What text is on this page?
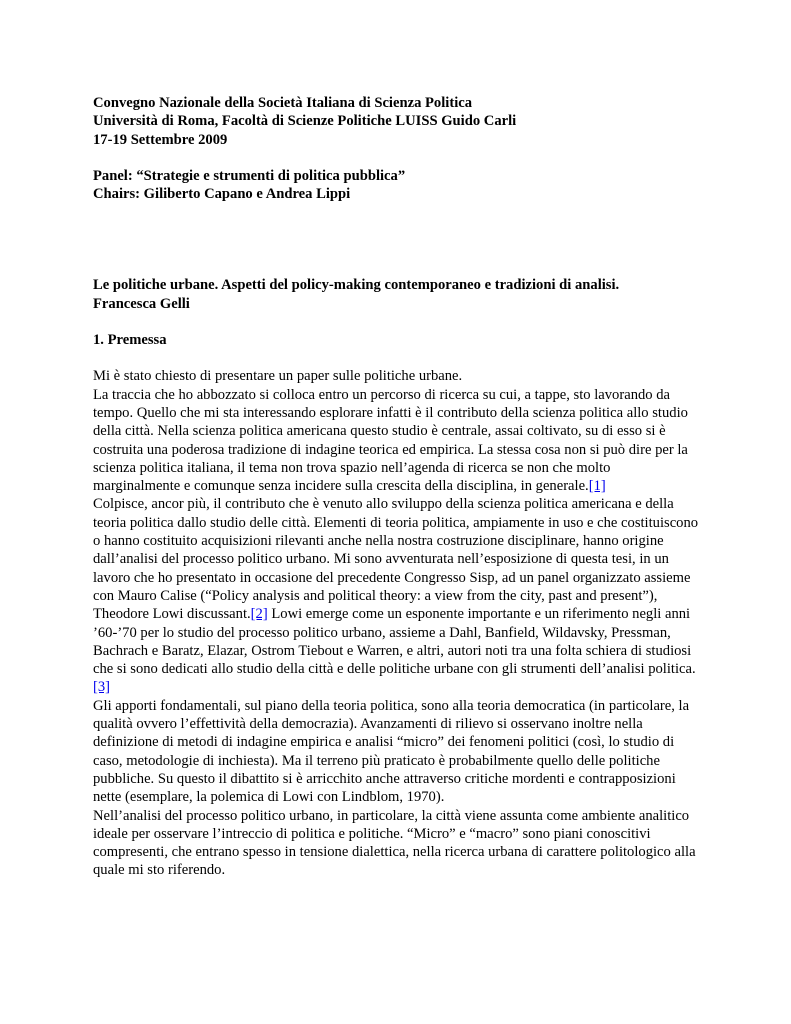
Convegno Nazionale della Società Italiana di Scienza Politica
Università di Roma, Facoltà di Scienze Politiche LUISS Guido Carli
17-19 Settembre 2009
Panel: “Strategie e strumenti di politica pubblica”
Chairs: Giliberto Capano e Andrea Lippi
Le politiche urbane. Aspetti del policy-making contemporaneo e tradizioni di analisi.
Francesca Gelli
1. Premessa

Mi è stato chiesto di presentare un paper sulle politiche urbane.

La traccia che ho abbozzato si colloca entro un percorso di ricerca su cui, a tappe, sto lavorando da tempo. Quello che mi sta interessando esplorare infatti è il contributo della scienza politica allo studio della città. Nella scienza politica americana questo studio è centrale, assai coltivato, su di esso si è costruita una poderosa tradizione di indagine teorica ed empirica. La stessa cosa non si può dire per la scienza politica italiana, il tema non trova spazio nell’agenda di ricerca se non che molto marginalmente e comunque senza incidere sulla crescita della disciplina, in generale.[1]

Colpisce, ancor più, il contributo che è venuto allo sviluppo della scienza politica americana e della teoria politica dallo studio delle città. Elementi di teoria politica, ampiamente in uso e che costituiscono o hanno costituito acquisizioni rilevanti anche nella nostra costruzione disciplinare, hanno origine dall’analisi del processo politico urbano. Mi sono avventurata nell’esposizione di questa tesi, in un lavoro che ho presentato in occasione del precedente Congresso Sisp, ad un panel organizzato assieme con Mauro Calise (“Policy analysis and political theory: a view from the city, past and present”), Theodore Lowi discussant.[2] Lowi emerge come un esponente importante e un riferimento negli anni ’60-’70 per lo studio del processo politico urbano, assieme a Dahl, Banfield, Wildavsky, Pressman, Bachrach e Baratz, Elazar, Ostrom Tiebout e Warren, e altri, autori noti tra una folta schiera di studiosi che si sono dedicati allo studio della città e delle politiche urbane con gli strumenti dell’analisi politica.[3]

Gli apporti fondamentali, sul piano della teoria politica, sono alla teoria democratica (in particolare, la qualità ovvero l’effettività della democrazia). Avanzamenti di rilievo si osservano inoltre nella definizione di metodi di indagine empirica e analisi “micro” dei fenomeni politici (così, lo studio di caso, metodologie di inchiesta). Ma il terreno più praticato è probabilmente quello delle politiche pubbliche. Su questo il dibattito si è arricchito anche attraverso critiche mordenti e contrapposizioni nette (esemplare, la polemica di Lowi con Lindblom, 1970).

Nell’analisi del processo politico urbano, in particolare, la città viene assunta come ambiente analitico ideale per osservare l’intreccio di politica e politiche. “Micro” e “macro” sono piani conoscitivi compresenti, che entrano spesso in tensione dialettica, nella ricerca urbana di carattere politologico alla quale mi sto riferendo.
